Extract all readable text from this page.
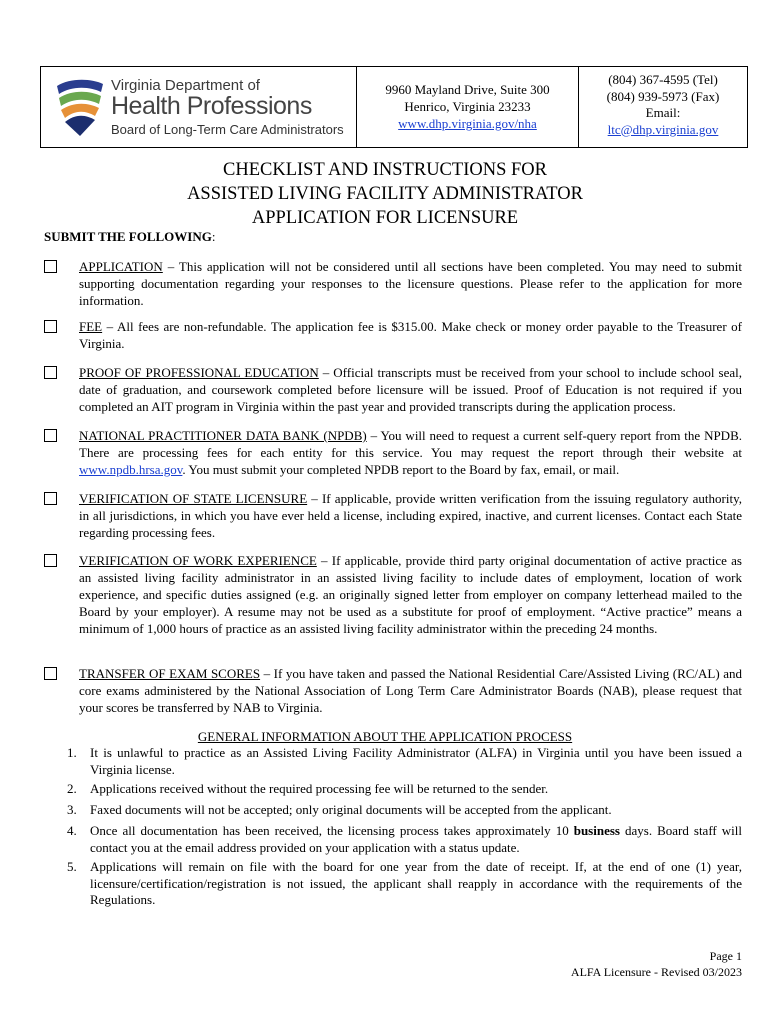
Virginia Department of
Health Professions
Board of Long-Term Care Administrators
9960 Mayland Drive, Suite 300
Henrico, Virginia 23233
www.dhp.virginia.gov/nha
(804) 367-4595 (Tel)
(804) 939-5973 (Fax)
Email:
ltc@dhp.virginia.gov
CHECKLIST AND INSTRUCTIONS FOR
ASSISTED LIVING FACILITY ADMINISTRATOR
APPLICATION FOR LICENSURE
SUBMIT THE FOLLOWING:
APPLICATION – This application will not be considered until all sections have been completed. You may need to submit supporting documentation regarding your responses to the licensure questions. Please refer to the application for more information.
FEE – All fees are non-refundable. The application fee is $315.00. Make check or money order payable to the Treasurer of Virginia.
PROOF OF PROFESSIONAL EDUCATION – Official transcripts must be received from your school to include school seal, date of graduation, and coursework completed before licensure will be issued. Proof of Education is not required if you completed an AIT program in Virginia within the past year and provided transcripts during the application process.
NATIONAL PRACTITIONER DATA BANK (NPDB) – You will need to request a current self-query report from the NPDB. There are processing fees for each entity for this service. You may request the report through their website at www.npdb.hrsa.gov. You must submit your completed NPDB report to the Board by fax, email, or mail.
VERIFICATION OF STATE LICENSURE – If applicable, provide written verification from the issuing regulatory authority, in all jurisdictions, in which you have ever held a license, including expired, inactive, and current licenses. Contact each State regarding processing fees.
VERIFICATION OF WORK EXPERIENCE – If applicable, provide third party original documentation of active practice as an assisted living facility administrator in an assisted living facility to include dates of employment, location of work experience, and specific duties assigned (e.g. an originally signed letter from employer on company letterhead mailed to the Board by your employer). A resume may not be used as a substitute for proof of employment. “Active practice” means a minimum of 1,000 hours of practice as an assisted living facility administrator within the preceding 24 months.
TRANSFER OF EXAM SCORES – If you have taken and passed the National Residential Care/Assisted Living (RC/AL) and core exams administered by the National Association of Long Term Care Administrator Boards (NAB), please request that your scores be transferred by NAB to Virginia.
GENERAL INFORMATION ABOUT THE APPLICATION PROCESS
1. It is unlawful to practice as an Assisted Living Facility Administrator (ALFA) in Virginia until you have been issued a Virginia license.
2. Applications received without the required processing fee will be returned to the sender.
3. Faxed documents will not be accepted; only original documents will be accepted from the applicant.
4. Once all documentation has been received, the licensing process takes approximately 10 business days. Board staff will contact you at the email address provided on your application with a status update.
5. Applications will remain on file with the board for one year from the date of receipt. If, at the end of one (1) year, licensure/certification/registration is not issued, the applicant shall reapply in accordance with the requirements of the Regulations.
Page 1
ALFA Licensure - Revised 03/2023
